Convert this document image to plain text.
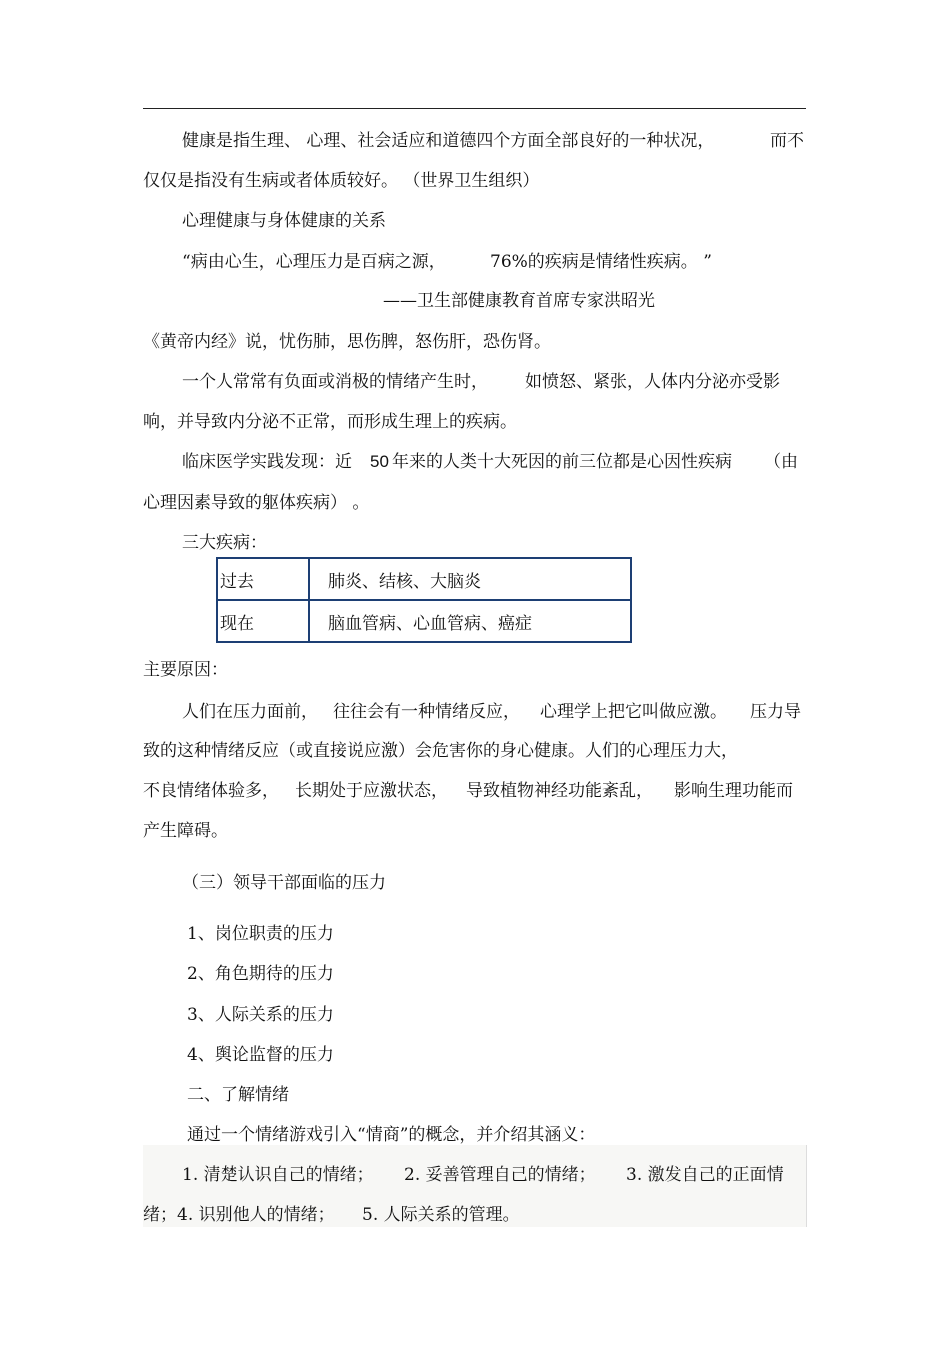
健康是指生理、 心理、社会适应和道德四个方面全部良好的一种状况，	而不
仅仅是指没有生病或者体质较好。 （世界卫生组织）
心理健康与身体健康的关系
“病由心生，心理压力是百病之源，	76%的疾病是情绪性疾病。 ”
——卫生部健康教育首席专家洪昭光
《黄帝内经》说，忧伤肺，思伤脾，怒伤肝，恐伤肾。
一个人常常有负面或消极的情绪产生时， 如愤怒、紧张，人体内分泌亦受影
响，并导致内分泌不正常，而形成生理上的疾病。
临床医学实践发现：近 50 年来的人类十大死因的前三位都是心因性疾病 （由
心理因素导致的躯体疾病） 。
三大疾病：
过去	肺炎、结核、大脑炎
现在	脑血管病、心血管病、癌症
主要原因：
人们在压力面前， 往往会有一种情绪反应， 心理学上把它叫做应激。 压力导
致的这种情绪反应（或直接说应激）会危害你的身心健康。人们的心理压力大，
不良情绪体验多， 长期处于应激状态， 导致植物神经功能紊乱， 影响生理功能而
产生障碍。
（三）领导干部面临的压力
1、岗位职责的压力
2、角色期待的压力
3、人际关系的压力
4、舆论监督的压力
二、了解情绪
通过一个情绪游戏引入“情商”的概念，并介绍其涵义：
1. 清楚认识自己的情绪； 2. 妥善管理自己的情绪； 3. 激发自己的正面情
绪；4. 识别他人的情绪； 5. 人际关系的管理。
